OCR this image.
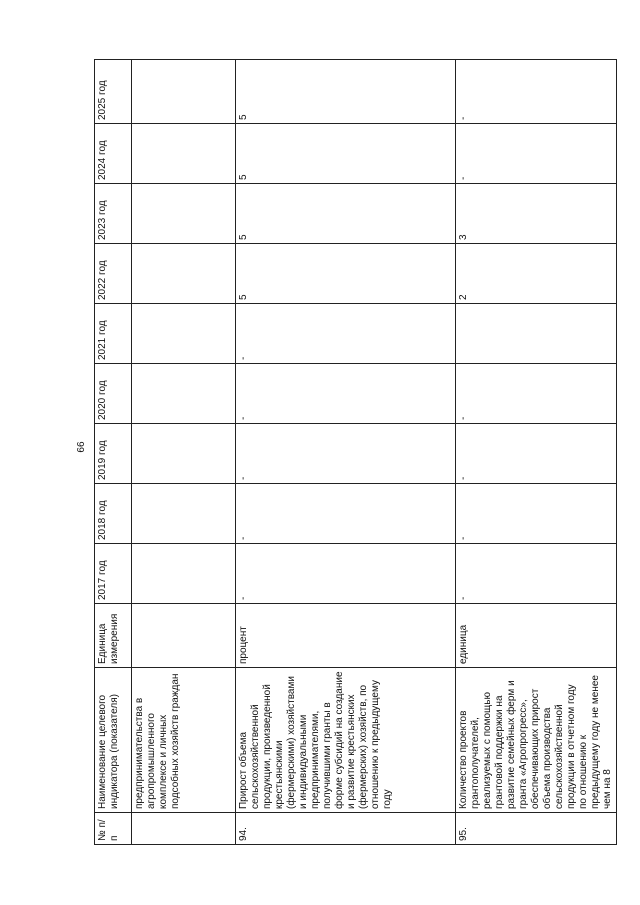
66
№ п/п	Наименование целевого индикатора (показателя)	Единица измерения	2017 год	2018 год	2019 год	2020 год	2021 год	2022 год	2023 год	2024 год	2025 год
	предпринимательства в агропромышленного комплексе и личных подсобных хозяйств граждан										
94.	Прирост объема сельскохозяйственной продукции, произведенной крестьянскими (фермерскими) хозяйствами и индивидуальными предпринимателями, получившими гранты в форме субсидий на создание и развитие крестьянских (фермерских) хозяйств, по отношению к предыдущему году	процент	-	-	-	-	-	5	5	5	5
95.	Количество проектов грантополучателей, реализуемых с помощью грантовой поддержки на развитие семейных ферм и гранта «Агропрогресс», обеспечивающих прирост объема производства сельскохозяйственной продукции в отчетном году по отношению к предыдущему году не менее чем на 8	единица	-	-	-	-		2	3	-	-
